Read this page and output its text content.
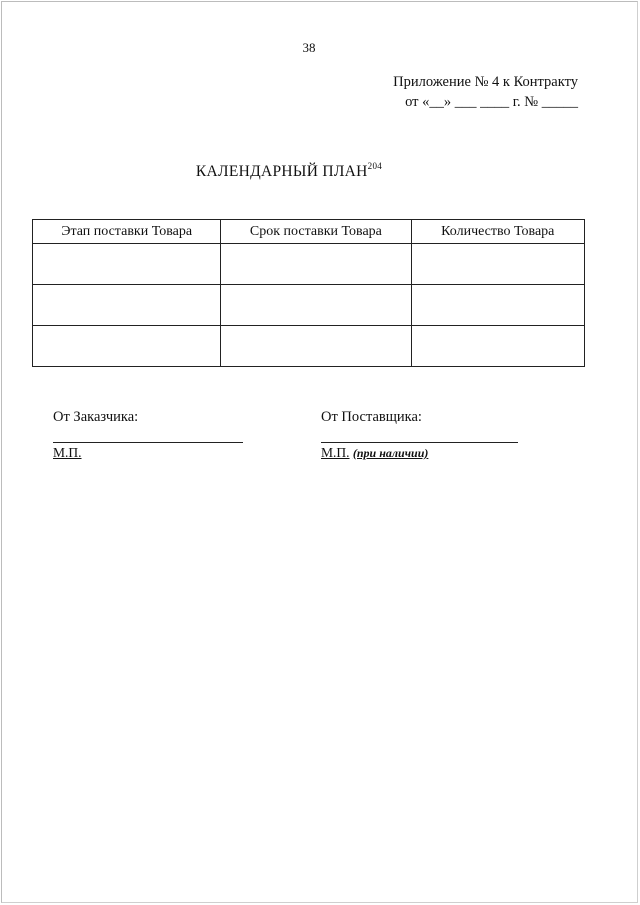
38
Приложение № 4 к Контракту
от «__» ___ ____ г. № _____
КАЛЕНДАРНЫЙ ПЛАН$^{204}$
Этап поставки Товара	Срок поставки Товара	Количество Товара

От Заказчика:
М.П.
От Поставщика:
М.П. (при наличии)
